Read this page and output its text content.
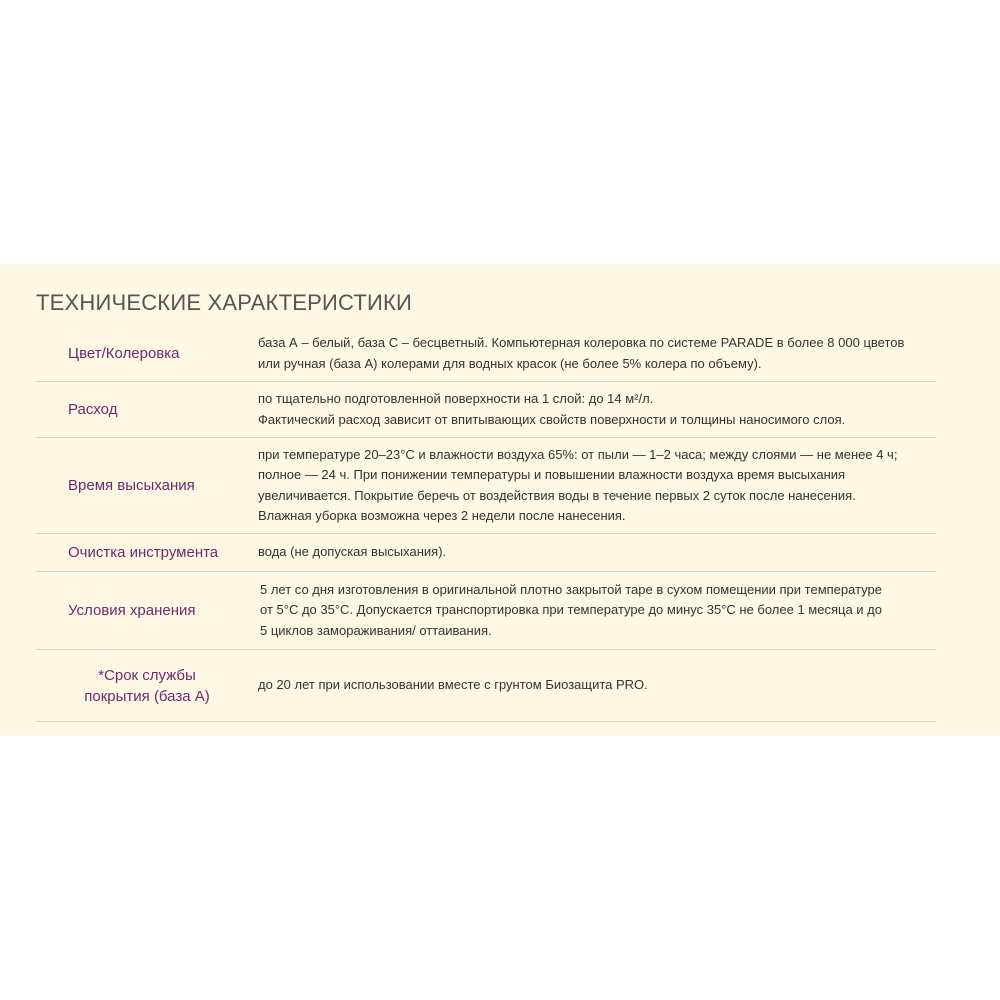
ТЕХНИЧЕСКИЕ ХАРАКТЕРИСТИКИ
Цвет/Колеровка
база А – белый, база С – бесцветный. Компьютерная колеровка по системе PARADE в более 8 000 цветов
или ручная (база А) колерами для водных красок (не более 5% колера по объему).
Расход
по тщательно подготовленной поверхности на 1 слой: до 14 м²/л.
Фактический расход зависит от впитывающих свойств поверхности и толщины наносимого слоя.
Время высыхания
при температуре 20–23°С и влажности воздуха 65%: от пыли — 1–2 часа; между слоями — не менее 4 ч;
полное — 24 ч. При понижении температуры и повышении влажности воздуха время высыхания
увеличивается. Покрытие беречь от воздействия воды в течение первых 2 суток после нанесения.
Влажная уборка возможна через 2 недели после нанесения.
Очистка инструмента	вода (не допуская высыхания).
Условия хранения
5 лет со дня изготовления в оригинальной плотно закрытой таре в сухом помещении при температуре
от 5°С до 35°С. Допускается транспортировка при температуре до минус 35°С не более 1 месяца и до
5 циклов замораживания/ оттаивания.
*Срок службы
покрытия (база А)
до 20 лет при использовании вместе с грунтом Биозащита PRO.
